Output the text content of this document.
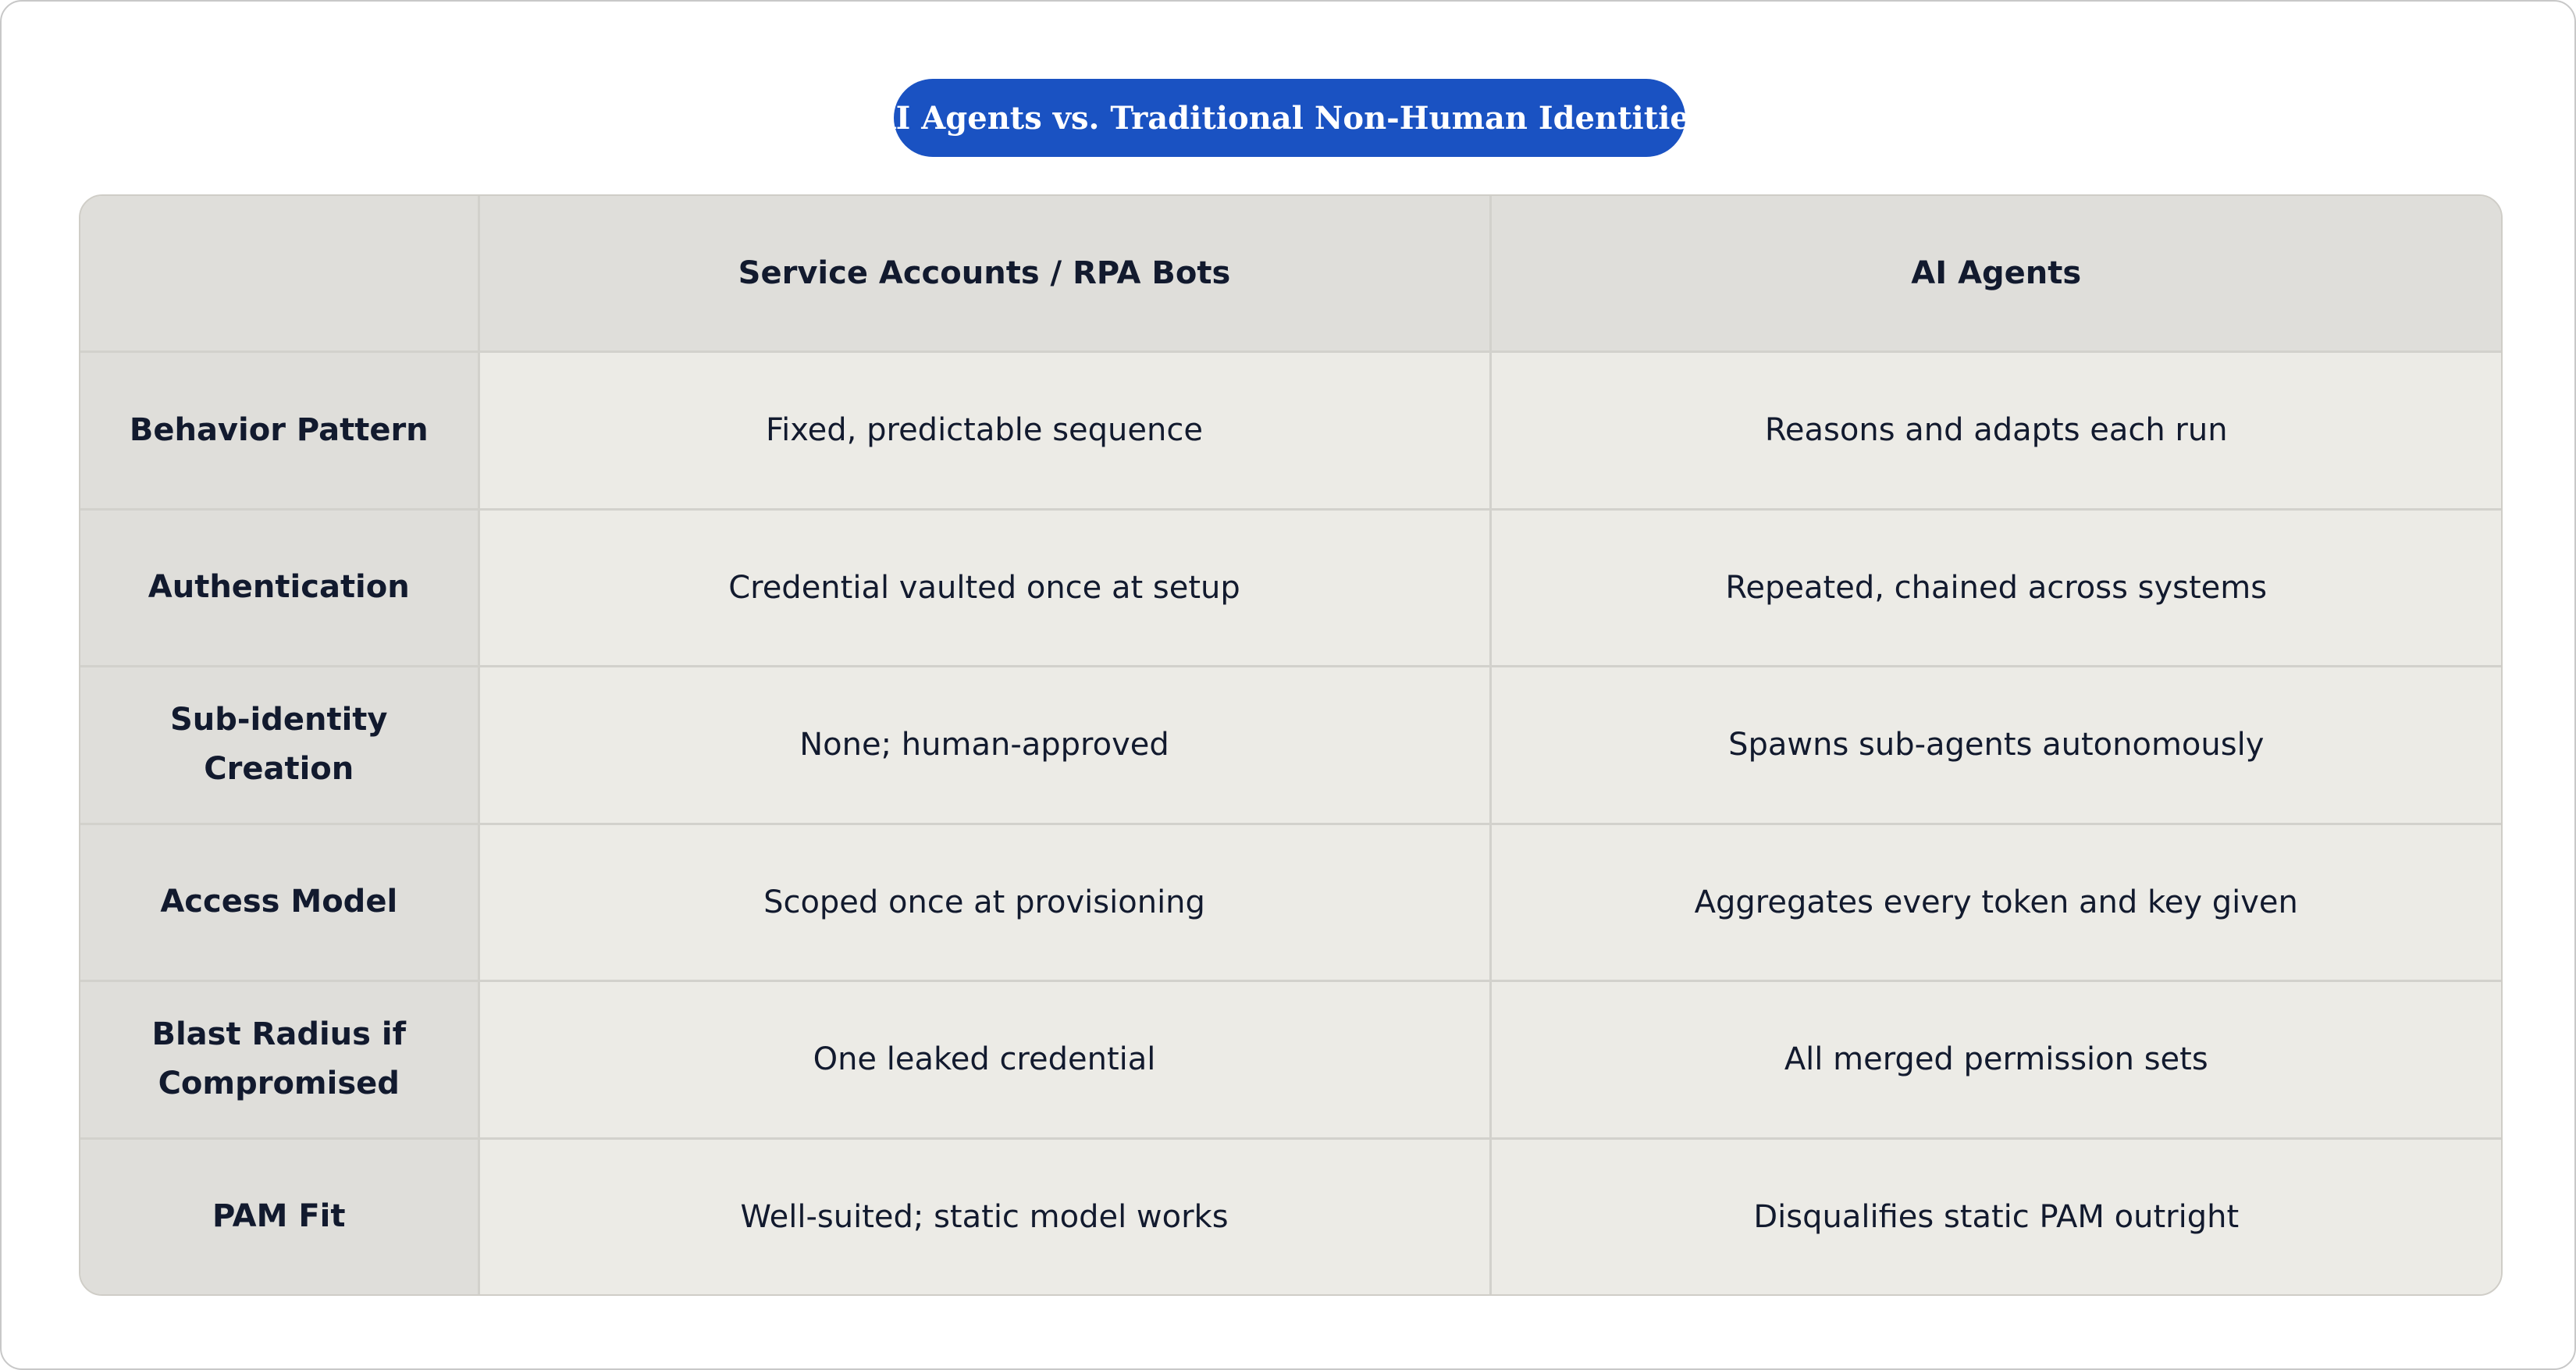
AI Agents vs. Traditional Non-Human Identities
	Service Accounts / RPA Bots	AI Agents
Behavior Pattern	Fixed, predictable sequence	Reasons and adapts each run
Authentication	Credential vaulted once at setup	Repeated, chained across systems
Sub-identity Creation	None; human-approved	Spawns sub-agents autonomously
Access Model	Scoped once at provisioning	Aggregates every token and key given
Blast Radius if Compromised	One leaked credential	All merged permission sets
PAM Fit	Well-suited; static model works	Disqualifies static PAM outright
